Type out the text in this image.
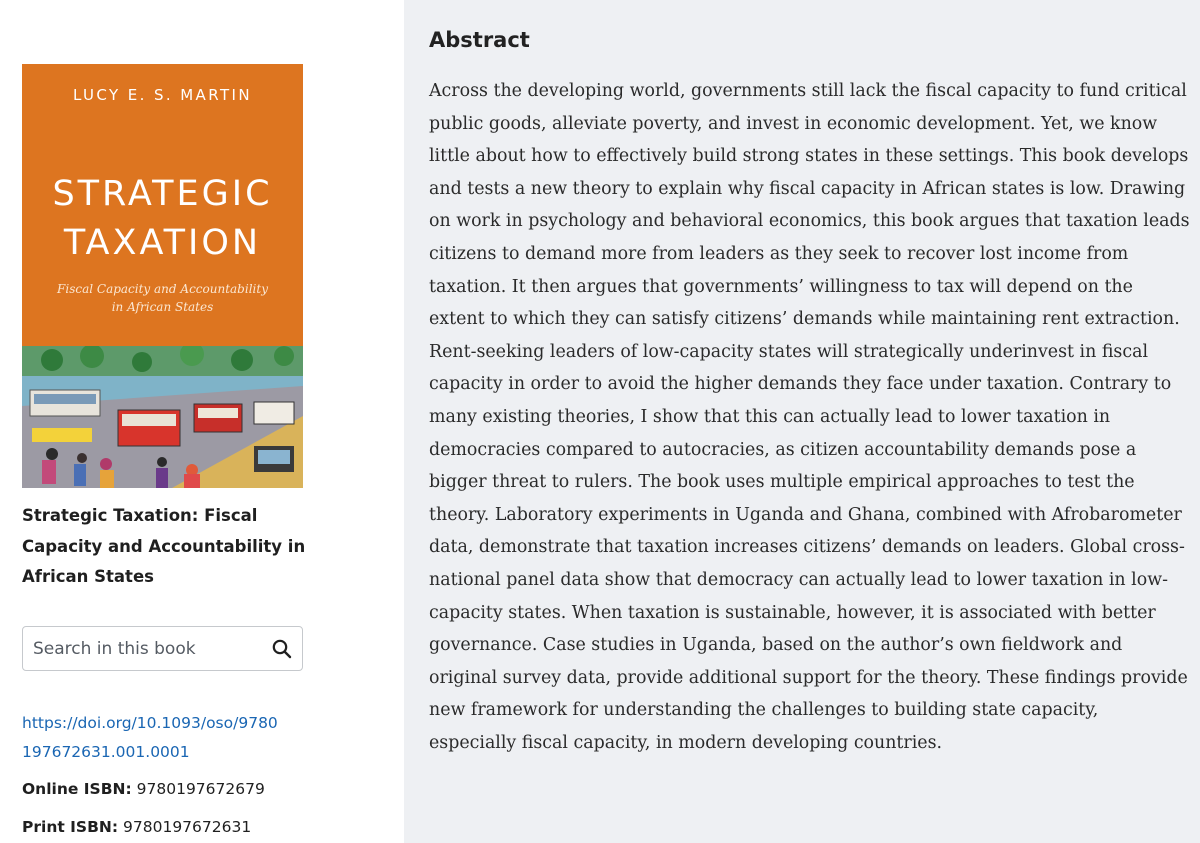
LUCY E. S. MARTIN
STRATEGIC
TAXATION
Fiscal Capacity and Accountability
in African States
Strategic Taxation: Fiscal Capacity and Accountability in African States
Search in this book
https://doi.org/10.1093/oso/9780197672631.001.0001
Online ISBN: 9780197672679
Print ISBN: 9780197672631
Abstract

Across the developing world, governments still lack the fiscal capacity to fund critical public goods, alleviate poverty, and invest in economic development. Yet, we know little about how to effectively build strong states in these settings. This book develops and tests a new theory to explain why fiscal capacity in African states is low. Drawing on work in psychology and behavioral economics, this book argues that taxation leads citizens to demand more from leaders as they seek to recover lost income from taxation. It then argues that governments’ willingness to tax will depend on the extent to which they can satisfy citizens’ demands while maintaining rent extraction. Rent-seeking leaders of low-capacity states will strategically underinvest in fiscal capacity in order to avoid the higher demands they face under taxation. Contrary to many existing theories, I show that this can actually lead to lower taxation in democracies compared to autocracies, as citizen accountability demands pose a bigger threat to rulers. The book uses multiple empirical approaches to test the theory. Laboratory experiments in Uganda and Ghana, combined with Afrobarometer data, demonstrate that taxation increases citizens’ demands on leaders. Global cross-national panel data show that democracy can actually lead to lower taxation in low-capacity states. When taxation is sustainable, however, it is associated with better governance. Case studies in Uganda, based on the author’s own fieldwork and original survey data, provide additional support for the theory. These findings provide new framework for understanding the challenges to building state capacity, especially fiscal capacity, in modern developing countries.
